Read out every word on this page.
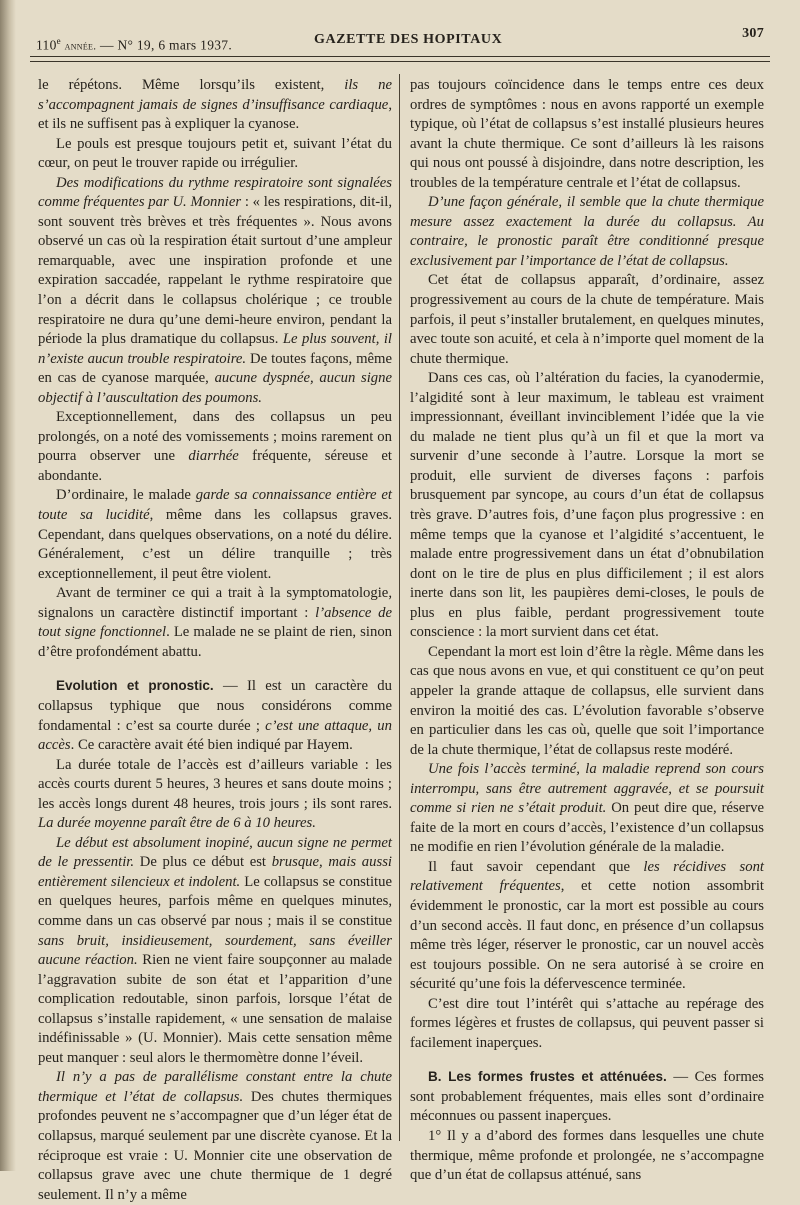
110e année. — N° 19, 6 mars 1937.	GAZETTE DES HOPITAUX	307

le répétons. Même lorsqu’ils existent, ils ne s’accompagnent jamais de signes d’insuffisance cardiaque, et ils ne suffisent pas à expliquer la cyanose.

Le pouls est presque toujours petit et, suivant l’état du cœur, on peut le trouver rapide ou irrégulier.

Des modifications du rythme respiratoire sont signalées comme fréquentes par U. Monnier : « les respirations, dit-il, sont souvent très brèves et très fréquentes ». Nous avons observé un cas où la respiration était surtout d’une ampleur remarquable, avec une inspiration profonde et une expiration saccadée, rappelant le rythme respiratoire que l’on a décrit dans le collapsus cholérique ; ce trouble respiratoire ne dura qu’une demi-heure environ, pendant la période la plus dramatique du collapsus. Le plus souvent, il n’existe aucun trouble respiratoire. De toutes façons, même en cas de cyanose marquée, aucune dyspnée, aucun signe objectif à l’auscultation des poumons.

Exceptionnellement, dans des collapsus un peu prolongés, on a noté des vomissements ; moins rarement on pourra observer une diarrhée fréquente, séreuse et abondante.

D’ordinaire, le malade garde sa connaissance entière et toute sa lucidité, même dans les collapsus graves. Cependant, dans quelques observations, on a noté du délire. Généralement, c’est un délire tranquille ; très exceptionnellement, il peut être violent.

Avant de terminer ce qui a trait à la symptomatologie, signalons un caractère distinctif important : l’absence de tout signe fonctionnel. Le malade ne se plaint de rien, sinon d’être profondément abattu.

Evolution et pronostic. — Il est un caractère du collapsus typhique que nous considérons comme fondamental : c’est sa courte durée ; c’est une attaque, un accès. Ce caractère avait été bien indiqué par Hayem.

La durée totale de l’accès est d’ailleurs variable : les accès courts durent 5 heures, 3 heures et sans doute moins ; les accès longs durent 48 heures, trois jours ; ils sont rares. La durée moyenne paraît être de 6 à 10 heures.

Le début est absolument inopiné, aucun signe ne permet de le pressentir. De plus ce début est brusque, mais aussi entièrement silencieux et indolent. Le collapsus se constitue en quelques heures, parfois même en quelques minutes, comme dans un cas observé par nous ; mais il se constitue sans bruit, insidieusement, sourdement, sans éveiller aucune réaction. Rien ne vient faire soupçonner au malade l’aggravation subite de son état et l’apparition d’une complication redoutable, sinon parfois, lorsque l’état de collapsus s’installe rapidement, « une sensation de malaise indéfinissable » (U. Monnier). Mais cette sensation même peut manquer : seul alors le thermomètre donne l’éveil.

Il n’y a pas de parallélisme constant entre la chute thermique et l’état de collapsus. Des chutes thermiques profondes peuvent ne s’accompagner que d’un léger état de collapsus, marqué seulement par une discrète cyanose. Et la réciproque est vraie : U. Monnier cite une observation de collapsus grave avec une chute thermique de 1 degré seulement. Il n’y a même

pas toujours coïncidence dans le temps entre ces deux ordres de symptômes : nous en avons rapporté un exemple typique, où l’état de collapsus s’est installé plusieurs heures avant la chute thermique. Ce sont d’ailleurs là les raisons qui nous ont poussé à disjoindre, dans notre description, les troubles de la température centrale et l’état de collapsus.

D’une façon générale, il semble que la chute thermique mesure assez exactement la durée du collapsus. Au contraire, le pronostic paraît être conditionné presque exclusivement par l’importance de l’état de collapsus.

Cet état de collapsus apparaît, d’ordinaire, assez progressivement au cours de la chute de température. Mais parfois, il peut s’installer brutalement, en quelques minutes, avec toute son acuité, et cela à n’importe quel moment de la chute thermique.

Dans ces cas, où l’altération du facies, la cyanodermie, l’algidité sont à leur maximum, le tableau est vraiment impressionnant, éveillant invinciblement l’idée que la vie du malade ne tient plus qu’à un fil et que la mort va survenir d’une seconde à l’autre. Lorsque la mort se produit, elle survient de diverses façons : parfois brusquement par syncope, au cours d’un état de collapsus très grave. D’autres fois, d’une façon plus progressive : en même temps que la cyanose et l’algidité s’accentuent, le malade entre progressivement dans un état d’obnubilation dont on le tire de plus en plus difficilement ; il est alors inerte dans son lit, les paupières demi-closes, le pouls de plus en plus faible, perdant progressivement toute conscience : la mort survient dans cet état.

Cependant la mort est loin d’être la règle. Même dans les cas que nous avons en vue, et qui constituent ce qu’on peut appeler la grande attaque de collapsus, elle survient dans environ la moitié des cas. L’évolution favorable s’observe en particulier dans les cas où, quelle que soit l’importance de la chute thermique, l’état de collapsus reste modéré.

Une fois l’accès terminé, la maladie reprend son cours interrompu, sans être autrement aggravée, et se poursuit comme si rien ne s’était produit. On peut dire que, réserve faite de la mort en cours d’accès, l’existence d’un collapsus ne modifie en rien l’évolution générale de la maladie.

Il faut savoir cependant que les récidives sont relativement fréquentes, et cette notion assombrit évidemment le pronostic, car la mort est possible au cours d’un second accès. Il faut donc, en présence d’un collapsus même très léger, réserver le pronostic, car un nouvel accès est toujours possible. On ne sera autorisé à se croire en sécurité qu’une fois la défervescence terminée.

C’est dire tout l’intérêt qui s’attache au repérage des formes légères et frustes de collapsus, qui peuvent passer si facilement inaperçues.

B. Les formes frustes et atténuées. — Ces formes sont probablement fréquentes, mais elles sont d’ordinaire méconnues ou passent inaperçues.

1° Il y a d’abord des formes dans lesquelles une chute thermique, même profonde et prolongée, ne s’accompagne que d’un état de collapsus atténué, sans
